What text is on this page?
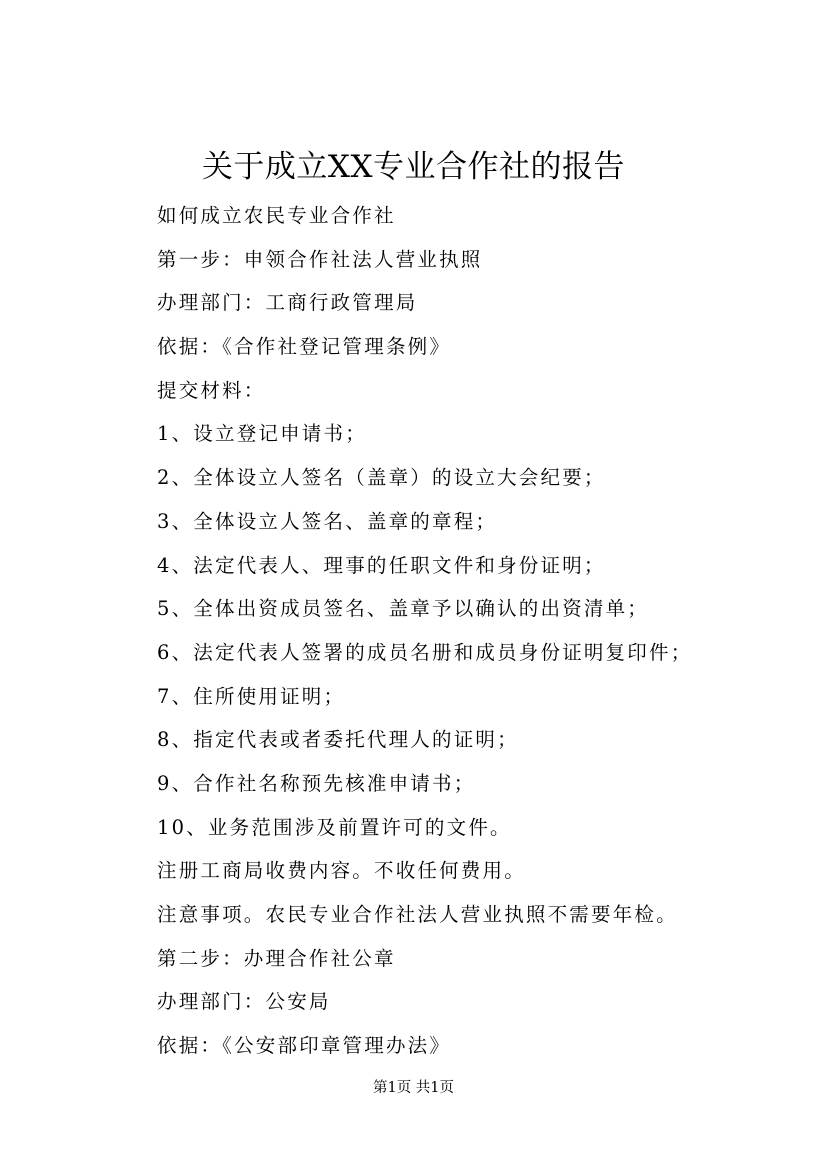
关于成立XX专业合作社的报告
如何成立农民专业合作社
第一步：申领合作社法人营业执照
办理部门：工商行政管理局
依据：《合作社登记管理条例》
提交材料：
1、设立登记申请书；
2、全体设立人签名（盖章）的设立大会纪要；
3、全体设立人签名、盖章的章程；
4、法定代表人、理事的任职文件和身份证明；
5、全体出资成员签名、盖章予以确认的出资清单；
6、法定代表人签署的成员名册和成员身份证明复印件；
7、住所使用证明；
8、指定代表或者委托代理人的证明；
9、合作社名称预先核准申请书；
10、业务范围涉及前置许可的文件。
注册工商局收费内容。不收任何费用。
注意事项。农民专业合作社法人营业执照不需要年检。
第二步：办理合作社公章
办理部门：公安局
依据：《公安部印章管理办法》
第1页 共1页
